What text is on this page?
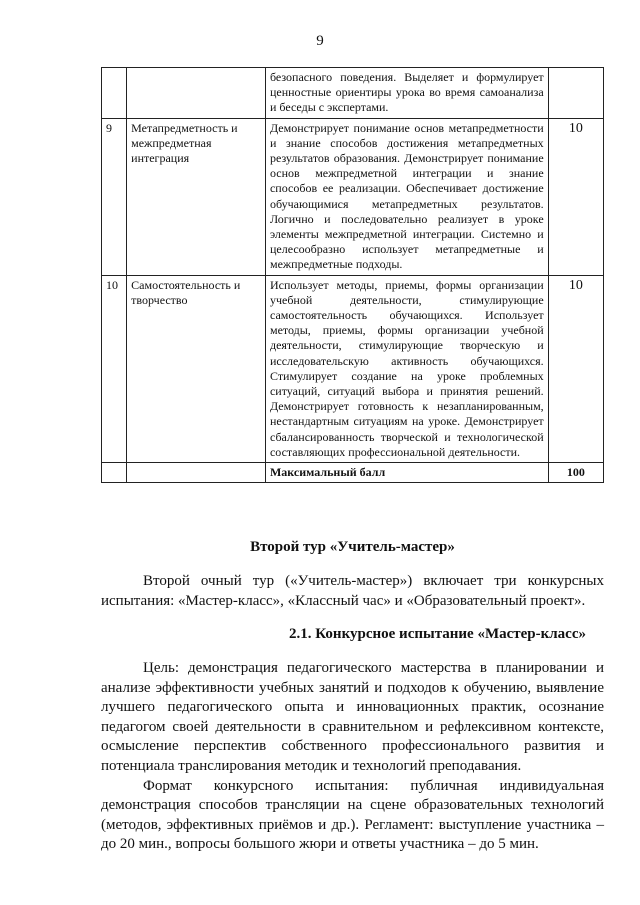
9
		безопасного поведения. Выделяет и формулирует ценностные ориентиры урока во время самоанализа и беседы с экспертами.	
9	Метапредметность и межпредметная интеграция	Демонстрирует понимание основ метапредметности и знание способов достижения метапредметных результатов образования. Демонстрирует понимание основ межпредметной интеграции и знание способов ее реализации. Обеспечивает достижение обучающимися метапредметных результатов. Логично и последовательно реализует в уроке элементы межпредметной интеграции. Системно и целесообразно использует метапредметные и межпредметные подходы.	10
10	Самостоятельность и творчество	Использует методы, приемы, формы организации учебной деятельности, стимулирующие самостоятельность обучающихся. Использует методы, приемы, формы организации учебной деятельности, стимулирующие творческую и исследовательскую активность обучающихся. Стимулирует создание на уроке проблемных ситуаций, ситуаций выбора и принятия решений. Демонстрирует готовность к незапланированным, нестандартным ситуациям на уроке. Демонстрирует сбалансированность творческой и технологической составляющих профессиональной деятельности.	10
		Максимальный балл	100
Второй тур «Учитель-мастер»

Второй очный тур («Учитель-мастер») включает три конкурсных испытания: «Мастер-класс», «Классный час» и «Образовательный проект».

2.1. Конкурсное испытание «Мастер-класс»

Цель: демонстрация педагогического мастерства в планировании и анализе эффективности учебных занятий и подходов к обучению, выявление лучшего педагогического опыта и инновационных практик, осознание педагогом своей деятельности в сравнительном и рефлексивном контексте, осмысление перспектив собственного профессионального развития и потенциала транслирования методик и технологий преподавания.

Формат конкурсного испытания: публичная индивидуальная демонстрация способов трансляции на сцене образовательных технологий (методов, эффективных приёмов и др.). Регламент: выступление участника – до 20 мин., вопросы большого жюри и ответы участника – до 5 мин.
